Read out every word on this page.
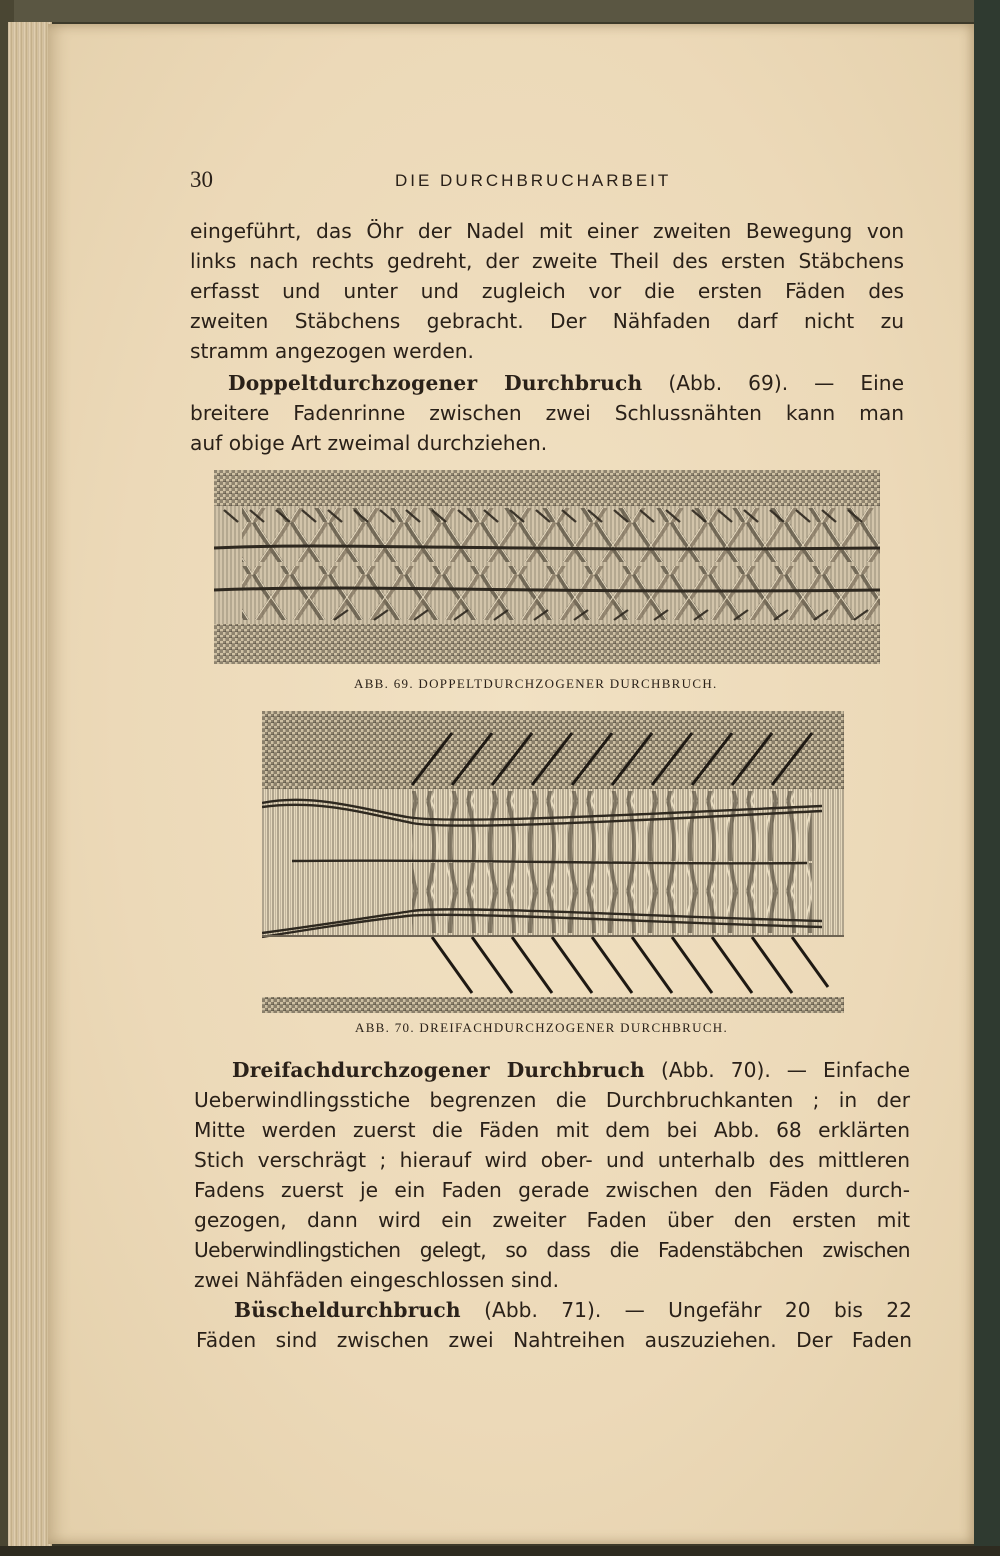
30	DIE DURCHBRUCHARBEIT
eingeführt, das Öhr der Nadel mit einer zweiten Bewegung von
links nach rechts gedreht, der zweite Theil des ersten Stäbchens
erfasst und unter und zugleich vor die ersten Fäden des
zweiten Stäbchens gebracht. Der Nähfaden darf nicht zu
stramm angezogen werden.
Doppeltdurchzogener Durchbruch (Abb. 69). — Eine
breitere Fadenrinne zwischen zwei Schlussnähten kann man
auf obige Art zweimal durchziehen.
ABB. 69. DOPPELTDURCHZOGENER DURCHBRUCH.
ABB. 70. DREIFACHDURCHZOGENER DURCHBRUCH.
Dreifachdurchzogener Durchbruch (Abb. 70). — Einfache
Ueberwindlingsstiche begrenzen die Durchbruchkanten ; in der
Mitte werden zuerst die Fäden mit dem bei Abb. 68 erklärten
Stich verschrägt ; hierauf wird ober- und unterhalb des mittleren
Fadens zuerst je ein Faden gerade zwischen den Fäden durch-
gezogen, dann wird ein zweiter Faden über den ersten mit
Ueberwindlingstichen gelegt, so dass die Fadenstäbchen zwischen
zwei Nähfäden eingeschlossen sind.
Büscheldurchbruch (Abb. 71). — Ungefähr 20 bis 22
Fäden sind zwischen zwei Nahtreihen auszuziehen. Der Faden
